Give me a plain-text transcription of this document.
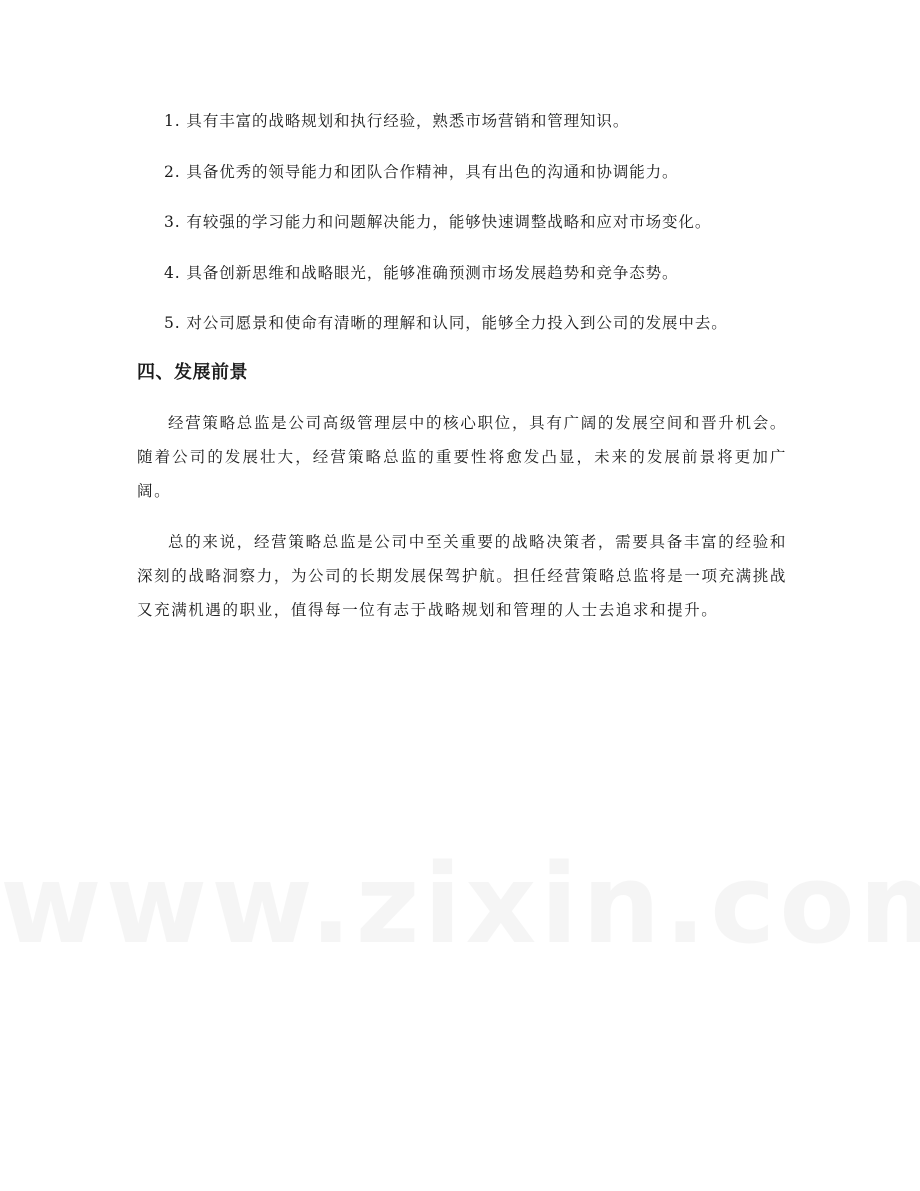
1. 具有丰富的战略规划和执行经验，熟悉市场营销和管理知识。

2. 具备优秀的领导能力和团队合作精神，具有出色的沟通和协调能力。

3. 有较强的学习能力和问题解决能力，能够快速调整战略和应对市场变化。

4. 具备创新思维和战略眼光，能够准确预测市场发展趋势和竞争态势。

5. 对公司愿景和使命有清晰的理解和认同，能够全力投入到公司的发展中去。

四、发展前景

经营策略总监是公司高级管理层中的核心职位，具有广阔的发展空间和晋升机会。随着公司的发展壮大，经营策略总监的重要性将愈发凸显，未来的发展前景将更加广阔。

总的来说，经营策略总监是公司中至关重要的战略决策者，需要具备丰富的经验和深刻的战略洞察力，为公司的长期发展保驾护航。担任经营策略总监将是一项充满挑战又充满机遇的职业，值得每一位有志于战略规划和管理的人士去追求和提升。
